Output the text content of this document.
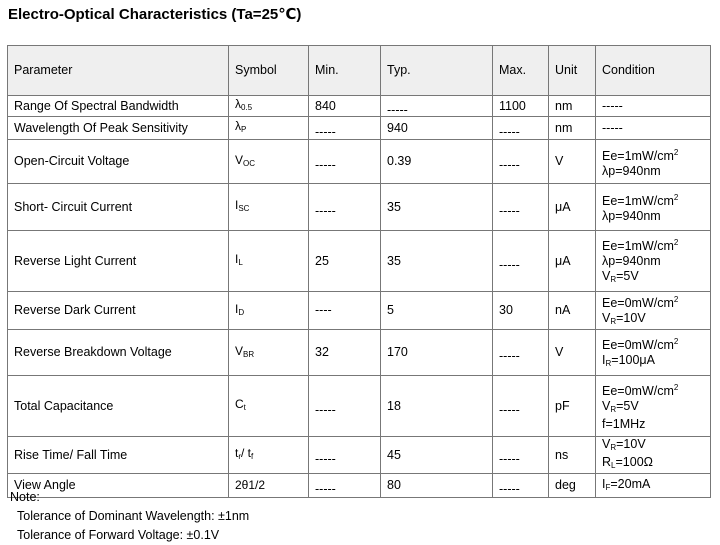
Electro-Optical Characteristics (Ta=25℃)
Parameter	Symbol	Min.	Typ.	Max.	Unit	Condition
Range Of Spectral Bandwidth	$\lambda_{0.5}$	840	-----	1100	nm	-----
Wavelength Of Peak Sensitivity	$\lambda_P$	-----	940	-----	nm	-----
Open-Circuit Voltage	$V_{OC}$	-----	0.39	-----	V	$Ee=1mW/cm^2$
λp=940nm

Short- Circuit Current	$I_{SC}$	-----	35	-----	μA	$Ee=1mW/cm^2$
λp=940nm

Reverse Light Current	$I_L$	25	35	-----	μA	$Ee=1mW/cm^2$
λp=940nm
$V_R=5V$

Reverse Dark Current	$I_D$	----	5	30	nA	$Ee=0mW/cm^2$
$V_R=10V$

Reverse Breakdown Voltage	$V_{BR}$	32	170	-----	V	$Ee=0mW/cm^2$
$I_R=100\mu A$

Total Capacitance	$C_t$	-----	18	-----	pF	$Ee=0mW/cm^2$
$V_R=5V$
f=1MHz

Rise Time/ Fall Time	$t_r/$ $t_f$	-----	45	-----	ns	$V_R=10V$
$R_L=100\Omega$

View Angle	2θ1/2	-----	80	-----	deg	$I_F=20mA$
Note:
Tolerance of Dominant Wavelength: ±1nm
Tolerance of Forward Voltage: ±0.1V
